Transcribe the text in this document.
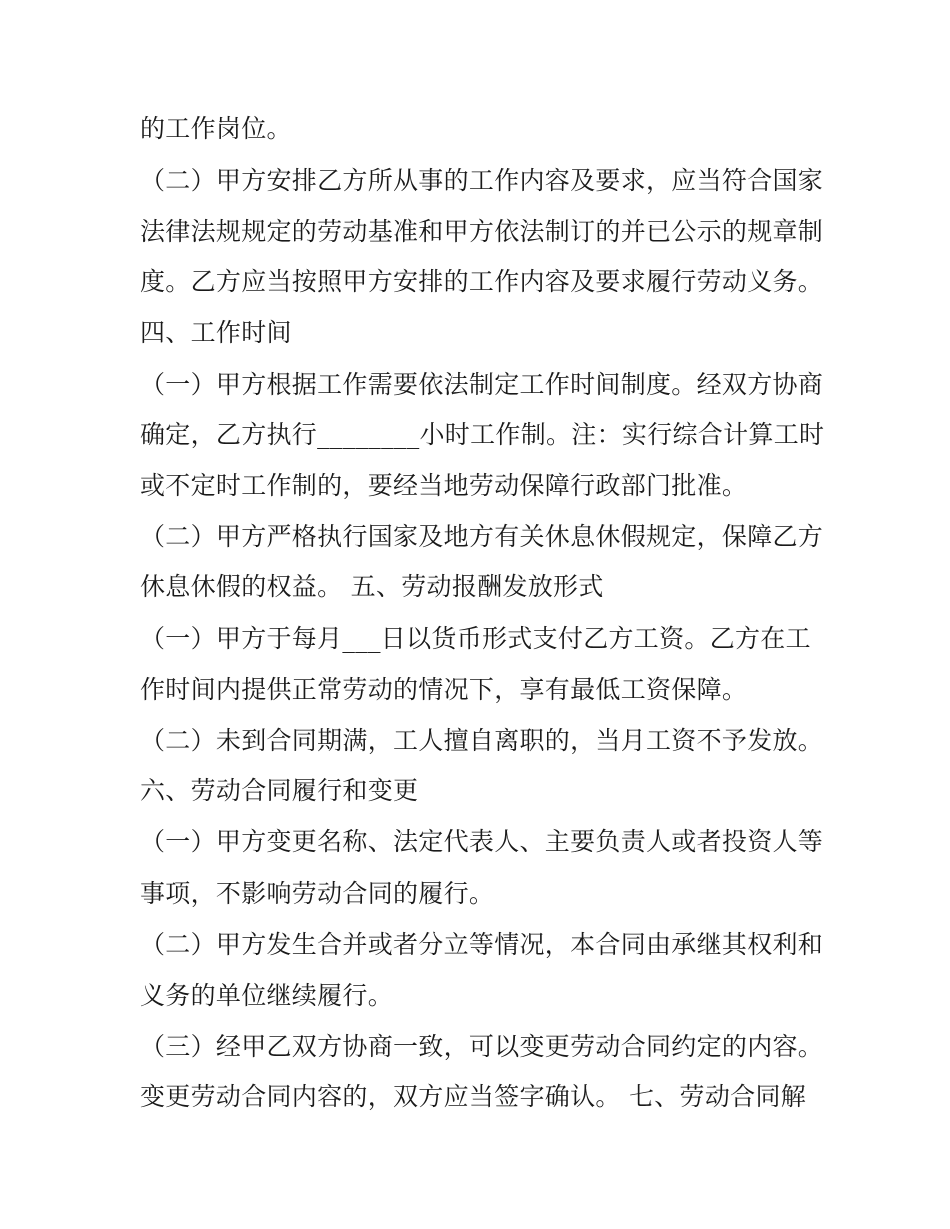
的工作岗位。
（二）甲方安排乙方所从事的工作内容及要求，应当符合国家
法律法规规定的劳动基准和甲方依法制订的并已公示的规章制
度。乙方应当按照甲方安排的工作内容及要求履行劳动义务。
四、工作时间
（一）甲方根据工作需要依法制定工作时间制度。经双方协商
确定，乙方执行________小时工作制。注：实行综合计算工时
或不定时工作制的，要经当地劳动保障行政部门批准。
（二）甲方严格执行国家及地方有关休息休假规定，保障乙方
休息休假的权益。 五、劳动报酬发放形式
（一）甲方于每月___日以货币形式支付乙方工资。乙方在工
作时间内提供正常劳动的情况下，享有最低工资保障。
（二）未到合同期满，工人擅自离职的，当月工资不予发放。
六、劳动合同履行和变更
（一）甲方变更名称、法定代表人、主要负责人或者投资人等
事项，不影响劳动合同的履行。
（二）甲方发生合并或者分立等情况，本合同由承继其权利和
义务的单位继续履行。
（三）经甲乙双方协商一致，可以变更劳动合同约定的内容。
变更劳动合同内容的，双方应当签字确认。 七、劳动合同解
